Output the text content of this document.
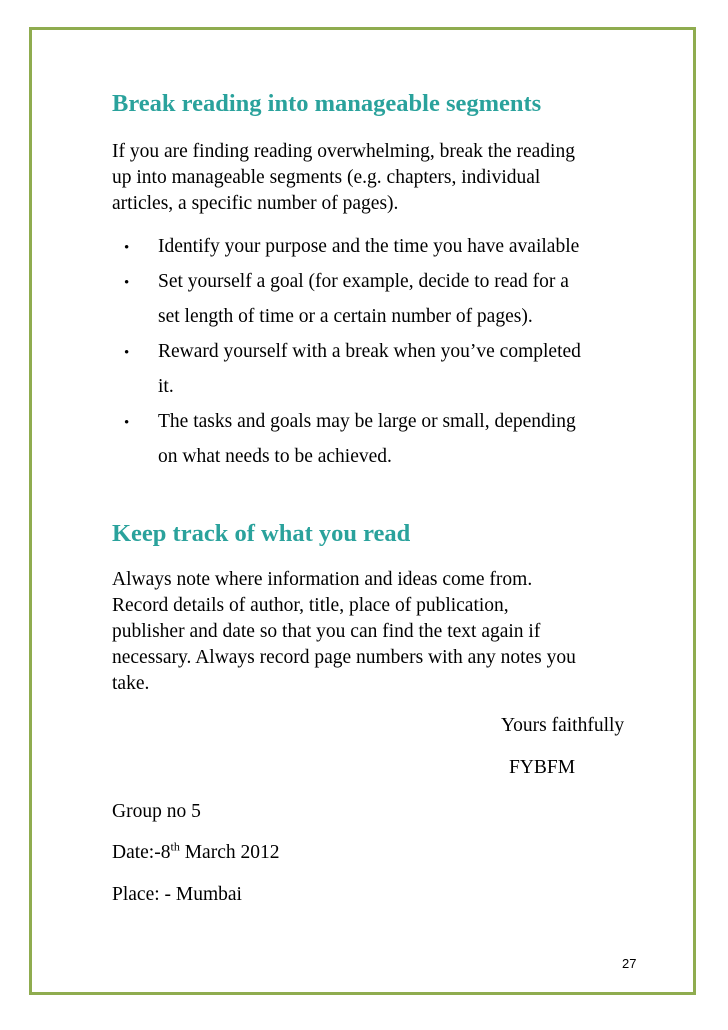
Break reading into manageable segments
If you are finding reading overwhelming, break the reading
up into manageable segments (e.g. chapters, individual
articles, a specific number of pages).
• Identify your purpose and the time you have available
• Set yourself a goal (for example, decide to read for a
set length of time or a certain number of pages).
• Reward yourself with a break when you’ve completed
it.
• The tasks and goals may be large or small, depending
on what needs to be achieved.
Keep track of what you read
Always note where information and ideas come from.
Record details of author, title, place of publication,
publisher and date so that you can find the text again if
necessary. Always record page numbers with any notes you
take.
Yours faithfully
FYBFM
Group no 5
Date:-8th March 2012
Place: - Mumbai
27
